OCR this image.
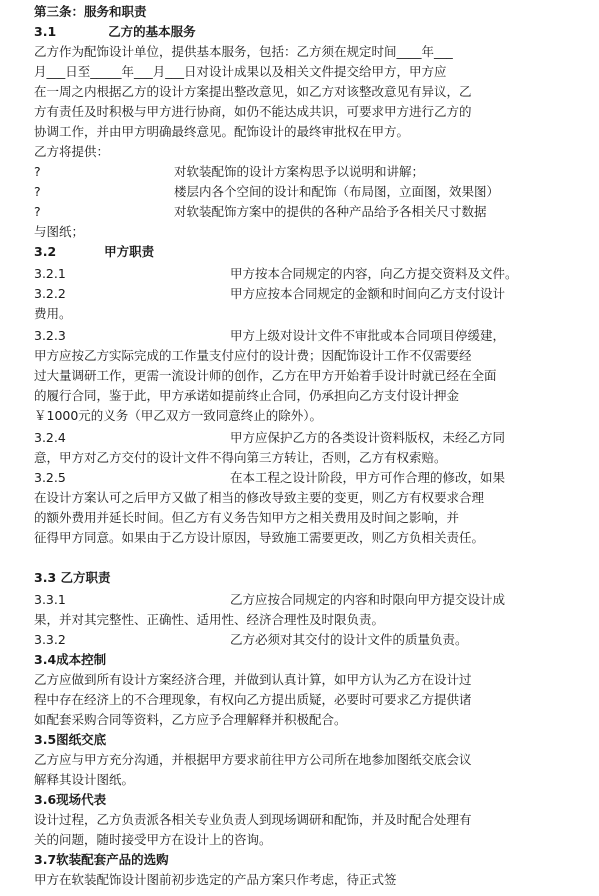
第三条：服务和职责
3.1	乙方的基本服务
乙方作为配饰设计单位，提供基本服务，包括：乙方须在规定时间____年___
月___日至_____年___月___日对设计成果以及相关文件提交给甲方，甲方应
在一周之内根据乙方的设计方案提出整改意见，如乙方对该整改意见有异议，乙
方有责任及时积极与甲方进行协商，如仍不能达成共识，可要求甲方进行乙方的
协调工作，并由甲方明确最终意见。配饰设计的最终审批权在甲方。
乙方将提供：
?	对软装配饰的设计方案构思予以说明和讲解；
?	楼层内各个空间的设计和配饰（布局图，立面图，效果图）
?	对软装配饰方案中的提供的各种产品给予各相关尺寸数据
与图纸；
3.2	甲方职责
3.2.1	甲方按本合同规定的内容，向乙方提交资料及文件。
3.2.2	甲方应按本合同规定的金额和时间向乙方支付设计
费用。
3.2.3	甲方上级对设计文件不审批或本合同项目停缓建，
甲方应按乙方实际完成的工作量支付应付的设计费；因配饰设计工作不仅需要经
过大量调研工作，更需一流设计师的创作，乙方在甲方开始着手设计时就已经在全面
的履行合同，鉴于此，甲方承诺如提前终止合同，仍承担向乙方支付设计押金
￥1000元的义务（甲乙双方一致同意终止的除外）。
3.2.4	甲方应保护乙方的各类设计资料版权，未经乙方同
意，甲方对乙方交付的设计文件不得向第三方转让，否则，乙方有权索赔。
3.2.5	在本工程之设计阶段，甲方可作合理的修改，如果
在设计方案认可之后甲方又做了相当的修改导致主要的变更，则乙方有权要求合理
的额外费用并延长时间。但乙方有义务告知甲方之相关费用及时间之影响，并
征得甲方同意。如果由于乙方设计原因，导致施工需要更改，则乙方负相关责任。
3.3 乙方职责
3.3.1	乙方应按合同规定的内容和时限向甲方提交设计成
果，并对其完整性、正确性、适用性、经济合理性及时限负责。
3.3.2	乙方必须对其交付的设计文件的质量负责。
3.4成本控制
乙方应做到所有设计方案经济合理，并做到认真计算，如甲方认为乙方在设计过
程中存在经济上的不合理现象，有权向乙方提出质疑，必要时可要求乙方提供诸
如配套采购合同等资料，乙方应予合理解释并积极配合。
3.5图纸交底
乙方应与甲方充分沟通，并根据甲方要求前往甲方公司所在地参加图纸交底会议
解释其设计图纸。
3.6现场代表
设计过程，乙方负责派各相关专业负责人到现场调研和配饰，并及时配合处理有
关的问题，随时接受甲方在设计上的咨询。
3.7软装配套产品的选购
甲方在软装配饰设计图前初步选定的产品方案只作考虑，待正式签
